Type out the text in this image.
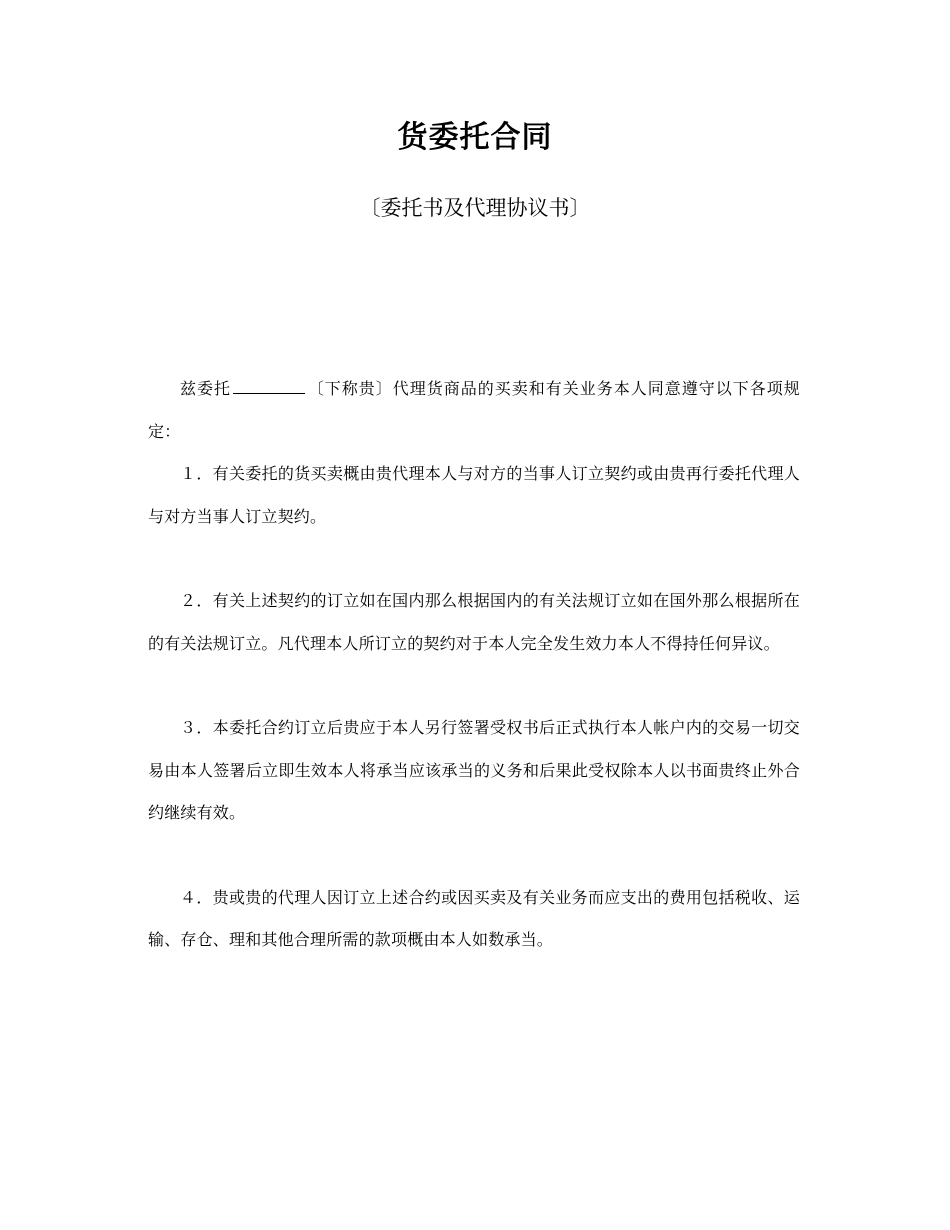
货委托合同
〔委托书及代理协议书〕

兹委托	〔下称贵〕代理货商品的买卖和有关业务本人同意遵守以下各项规定：

１．有关委托的货买卖概由贵代理本人与对方的当事人订立契约或由贵再行委托代理人与对方当事人订立契约。

２．有关上述契约的订立如在国内那么根据国内的有关法规订立如在国外那么根据所在的有关法规订立。凡代理本人所订立的契约对于本人完全发生效力本人不得持任何异议。

３．本委托合约订立后贵应于本人另行签署受权书后正式执行本人帐户内的交易一切交易由本人签署后立即生效本人将承当应该承当的义务和后果此受权除本人以书面贵终止外合约继续有效。

４．贵或贵的代理人因订立上述合约或因买卖及有关业务而应支出的费用包括税收、运输、存仓、理和其他合理所需的款项概由本人如数承当。
